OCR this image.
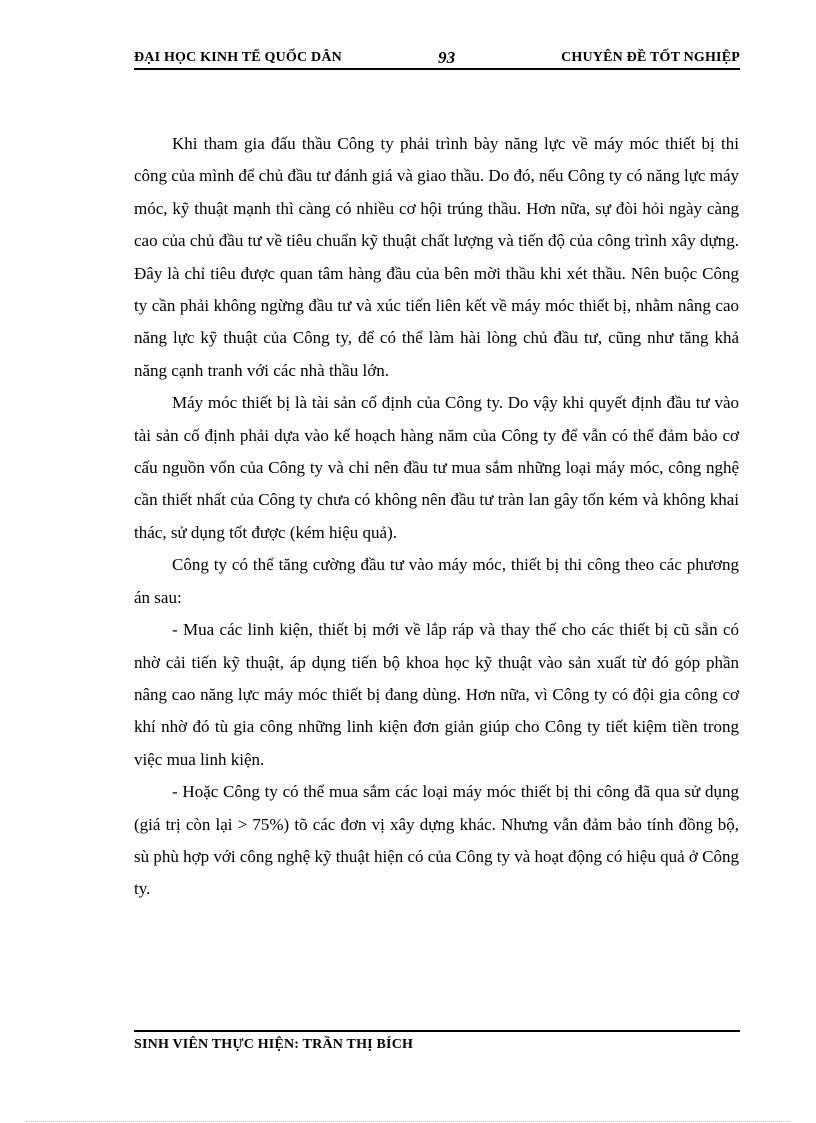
ĐẠI HỌC KINH TẾ QUỐC DÂN	93	CHUYÊN ĐỀ TỐT NGHIỆP

Khi tham gia đấu thầu Công ty phải trình bày năng lực về máy móc thiết bị thi công của mình để chủ đầu tư đánh giá và giao thầu. Do đó, nếu Công ty có năng lực máy móc, kỹ thuật mạnh thì càng có nhiều cơ hội trúng thầu. Hơn nữa, sự đòi hỏi ngày càng cao của chủ đầu tư về tiêu chuẩn kỹ thuật chất lượng và tiến độ của công trình xây dựng. Đây là chỉ tiêu được quan tâm hàng đầu của bên mời thầu khi xét thầu. Nên buộc Công ty cần phải không ngừng đầu tư và xúc tiến liên kết về máy móc thiết bị, nhằm nâng cao năng lực kỹ thuật của Công ty, để có thể làm hài lòng chủ đầu tư, cũng như tăng khả năng cạnh tranh với các nhà thầu lớn.

Máy móc thiết bị là tài sản cố định của Công ty. Do vậy khi quyết định đầu tư vào tài sản cố định phải dựa vào kế hoạch hàng năm của Công ty để vẫn có thể đảm bảo cơ cấu nguồn vốn của Công ty và chỉ nên đầu tư mua sắm những loại máy móc, công nghệ cần thiết nhất của Công ty chưa có không nên đầu tư tràn lan gây tốn kém và không khai thác, sử dụng tốt được (kém hiệu quả).

Công ty có thể tăng cường đầu tư vào máy móc, thiết bị thi công theo các phương án sau:

- Mua các linh kiện, thiết bị mới về lắp ráp và thay thế cho các thiết bị cũ sẵn có nhờ cải tiến kỹ thuật, áp dụng tiến bộ khoa học kỹ thuật vào sản xuất từ đó góp phần nâng cao năng lực máy móc thiết bị đang dùng. Hơn nữa, vì Công ty có đội gia công cơ khí nhờ đó tù gia công những linh kiện đơn giản giúp cho Công ty tiết kiệm tiền trong việc mua linh kiện.

- Hoặc Công ty có thể mua sắm các loại máy móc thiết bị thi công đã qua sử dụng (giá trị còn lại > 75%) tõ các đơn vị xây dựng khác. Nhưng vẫn đảm bảo tính đồng bộ, sù phù hợp với công nghệ kỹ thuật hiện có của Công ty và hoạt động có hiệu quả ở Công ty.

SINH VIÊN THỰC HIỆN: TRẦN THỊ BÍCH
